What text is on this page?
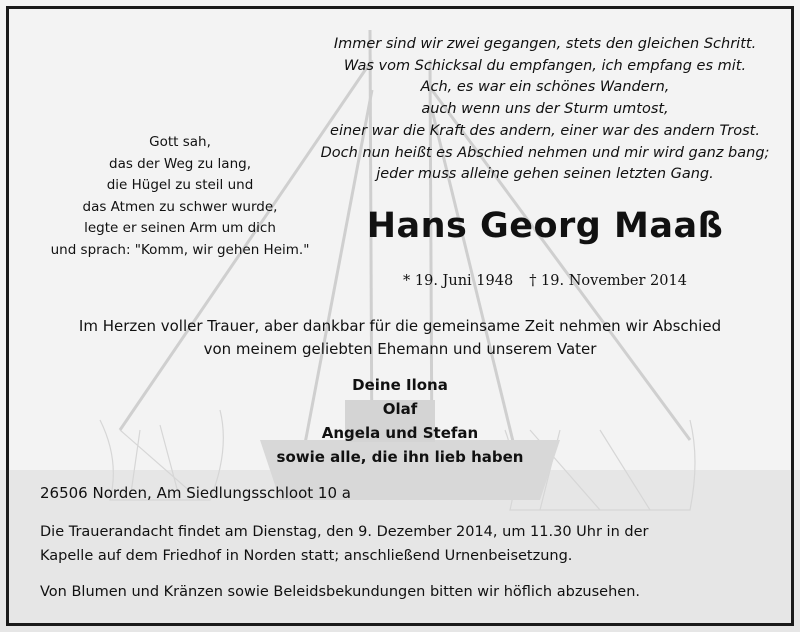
Immer sind wir zwei gegangen, stets den gleichen Schritt.
Was vom Schicksal du empfangen, ich empfang es mit.
Ach, es war ein schönes Wandern,
auch wenn uns der Sturm umtost,
einer war die Kraft des andern, einer war des andern Trost.
Doch nun heißt es Abschied nehmen und mir wird ganz bang;
jeder muss alleine gehen seinen letzten Gang.
Gott sah,
das der Weg zu lang,
die Hügel zu steil und
das Atmen zu schwer wurde,
legte er seinen Arm um dich
und sprach: "Komm, wir gehen Heim."
Hans Georg Maaß
* 19. Juni 1948 † 19. November 2014
Im Herzen voller Trauer, aber dankbar für die gemeinsame Zeit nehmen wir Abschied
von meinem geliebten Ehemann und unserem Vater
Deine Ilona
Olaf
Angela und Stefan
sowie alle, die ihn lieb haben
26506 Norden, Am Siedlungsschloot 10 a
Die Trauerandacht findet am Dienstag, den 9. Dezember 2014, um 11.30 Uhr in der
Kapelle auf dem Friedhof in Norden statt; anschließend Urnenbeisetzung.
Von Blumen und Kränzen sowie Beleidsbekundungen bitten wir höflich abzusehen.
